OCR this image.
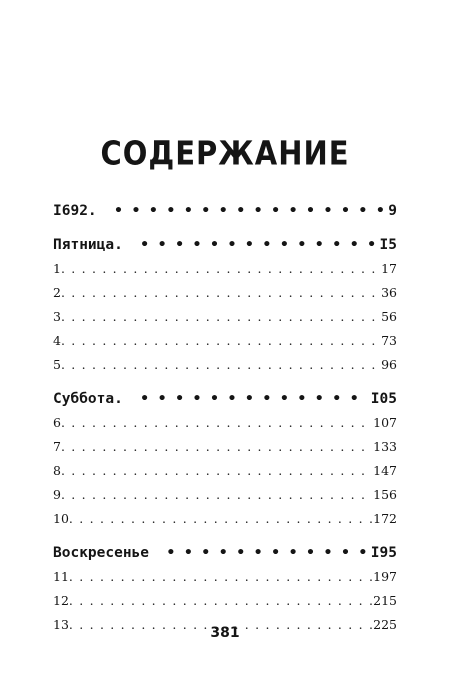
СОДЕРЖАНИЕ
I692. • • •	9
Пятница. • • •	I5
1 . . .	17
2 . . .	36
3 . . .	56
4 . . .	73
5 . . .	96
Суббота. • • •	I05
6 . . .	107
7 . . .	133
8 . . .	147
9 . . .	156
10 . . .	172
Воскресенье • • •	I95
11 . . .	197
12 . . .	215
13 . . .	225
381
